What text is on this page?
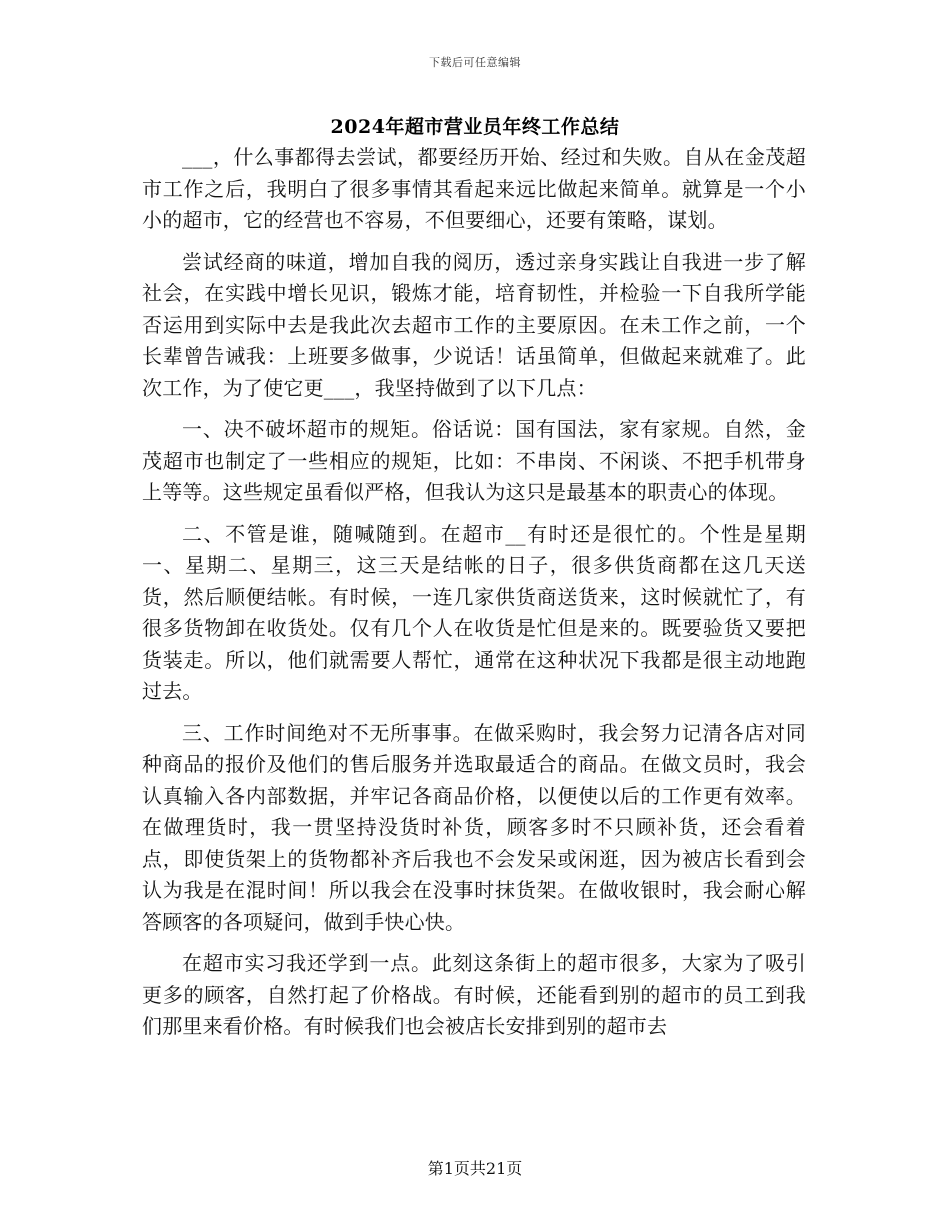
下载后可任意编辑
2024年超市营业员年终工作总结

___，什么事都得去尝试，都要经历开始、经过和失败。自从在金茂超市工作之后，我明白了很多事情其看起来远比做起来简单。就算是一个小小的超市，它的经营也不容易，不但要细心，还要有策略，谋划。

尝试经商的味道，增加自我的阅历，透过亲身实践让自我进一步了解社会，在实践中增长见识，锻炼才能，培育韧性，并检验一下自我所学能否运用到实际中去是我此次去超市工作的主要原因。在未工作之前，一个长辈曾告诫我：上班要多做事，少说话！话虽简单，但做起来就难了。此次工作，为了使它更___，我坚持做到了以下几点：

一、决不破坏超市的规矩。俗话说：国有国法，家有家规。自然，金茂超市也制定了一些相应的规矩，比如：不串岗、不闲谈、不把手机带身上等等。这些规定虽看似严格，但我认为这只是最基本的职责心的体现。

二、不管是谁，随喊随到。在超市__有时还是很忙的。个性是星期一、星期二、星期三，这三天是结帐的日子，很多供货商都在这几天送货，然后顺便结帐。有时候，一连几家供货商送货来，这时候就忙了，有很多货物卸在收货处。仅有几个人在收货是忙但是来的。既要验货又要把货装走。所以，他们就需要人帮忙，通常在这种状况下我都是很主动地跑过去。

三、工作时间绝对不无所事事。在做采购时，我会努力记清各店对同种商品的报价及他们的售后服务并选取最适合的商品。在做文员时，我会认真输入各内部数据，并牢记各商品价格，以便使以后的工作更有效率。在做理货时，我一贯坚持没货时补货，顾客多时不只顾补货，还会看着点，即使货架上的货物都补齐后我也不会发呆或闲逛，因为被店长看到会认为我是在混时间！所以我会在没事时抹货架。在做收银时，我会耐心解答顾客的各项疑问，做到手快心快。

在超市实习我还学到一点。此刻这条街上的超市很多，大家为了吸引更多的顾客，自然打起了价格战。有时候，还能看到别的超市的员工到我们那里来看价格。有时候我们也会被店长安排到别的超市去

第1页共21页
